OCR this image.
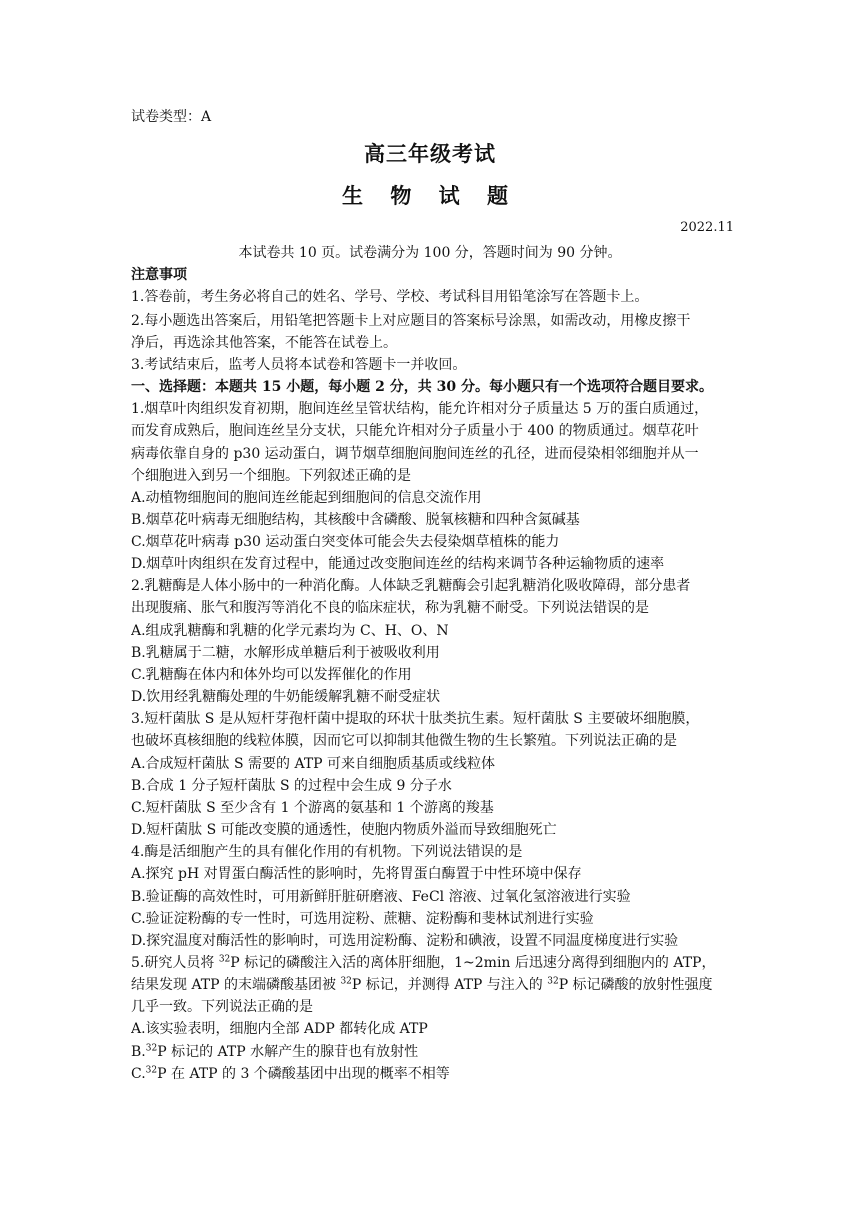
试卷类型：A
高三年级考试
生 物 试 题
2022.11
本试卷共 10 页。试卷满分为 100 分，答题时间为 90 分钟。
注意事项
1.答卷前，考生务必将自己的姓名、学号、学校、考试科目用铅笔涂写在答题卡上。
2.每小题选出答案后，用铅笔把答题卡上对应题目的答案标号涂黑，如需改动，用橡皮擦干
净后，再选涂其他答案，不能答在试卷上。
3.考试结束后，监考人员将本试卷和答题卡一并收回。
一、选择题：本题共 15 小题，每小题 2 分，共 30 分。每小题只有一个选项符合题目要求。
1.烟草叶肉组织发育初期，胞间连丝呈管状结构，能允许相对分子质量达 5 万的蛋白质通过，
而发育成熟后，胞间连丝呈分支状，只能允许相对分子质量小于 400 的物质通过。烟草花叶
病毒依靠自身的 p30 运动蛋白，调节烟草细胞间胞间连丝的孔径，进而侵染相邻细胞并从一
个细胞进入到另一个细胞。下列叙述正确的是
A.动植物细胞间的胞间连丝能起到细胞间的信息交流作用
B.烟草花叶病毒无细胞结构，其核酸中含磷酸、脱氧核糖和四种含氮碱基
C.烟草花叶病毒 p30 运动蛋白突变体可能会失去侵染烟草植株的能力
D.烟草叶肉组织在发育过程中，能通过改变胞间连丝的结构来调节各种运输物质的速率
2.乳糖酶是人体小肠中的一种消化酶。人体缺乏乳糖酶会引起乳糖消化吸收障碍，部分患者
出现腹痛、胀气和腹泻等消化不良的临床症状，称为乳糖不耐受。下列说法错误的是
A.组成乳糖酶和乳糖的化学元素均为 C、H、O、N
B.乳糖属于二糖，水解形成单糖后利于被吸收利用
C.乳糖酶在体内和体外均可以发挥催化的作用
D.饮用经乳糖酶处理的牛奶能缓解乳糖不耐受症状
3.短杆菌肽 S 是从短杆芽孢杆菌中提取的环状十肽类抗生素。短杆菌肽 S 主要破坏细胞膜，
也破坏真核细胞的线粒体膜，因而它可以抑制其他微生物的生长繁殖。下列说法正确的是
A.合成短杆菌肽 S 需要的 ATP 可来自细胞质基质或线粒体
B.合成 1 分子短杆菌肽 S 的过程中会生成 9 分子水
C.短杆菌肽 S 至少含有 1 个游离的氨基和 1 个游离的羧基
D.短杆菌肽 S 可能改变膜的通透性，使胞内物质外溢而导致细胞死亡
4.酶是活细胞产生的具有催化作用的有机物。下列说法错误的是
A.探究 pH 对胃蛋白酶活性的影响时，先将胃蛋白酶置于中性环境中保存
B.验证酶的高效性时，可用新鲜肝脏研磨液、FeCl 溶液、过氧化氢溶液进行实验
C.验证淀粉酶的专一性时，可选用淀粉、蔗糖、淀粉酶和斐林试剂进行实验
D.探究温度对酶活性的影响时，可选用淀粉酶、淀粉和碘液，设置不同温度梯度进行实验
5.研究人员将 $^{32}$P 标记的磷酸注入活的离体肝细胞，1~2min 后迅速分离得到细胞内的 ATP，
结果发现 ATP 的末端磷酸基团被 $^{32}$P 标记，并测得 ATP 与注入的 $^{32}$P 标记磷酸的放射性强度
几乎一致。下列说法正确的是
A.该实验表明，细胞内全部 ADP 都转化成 ATP
B.$^{32}$P 标记的 ATP 水解产生的腺苷也有放射性
C.$^{32}$P 在 ATP 的 3 个磷酸基团中出现的概率不相等
